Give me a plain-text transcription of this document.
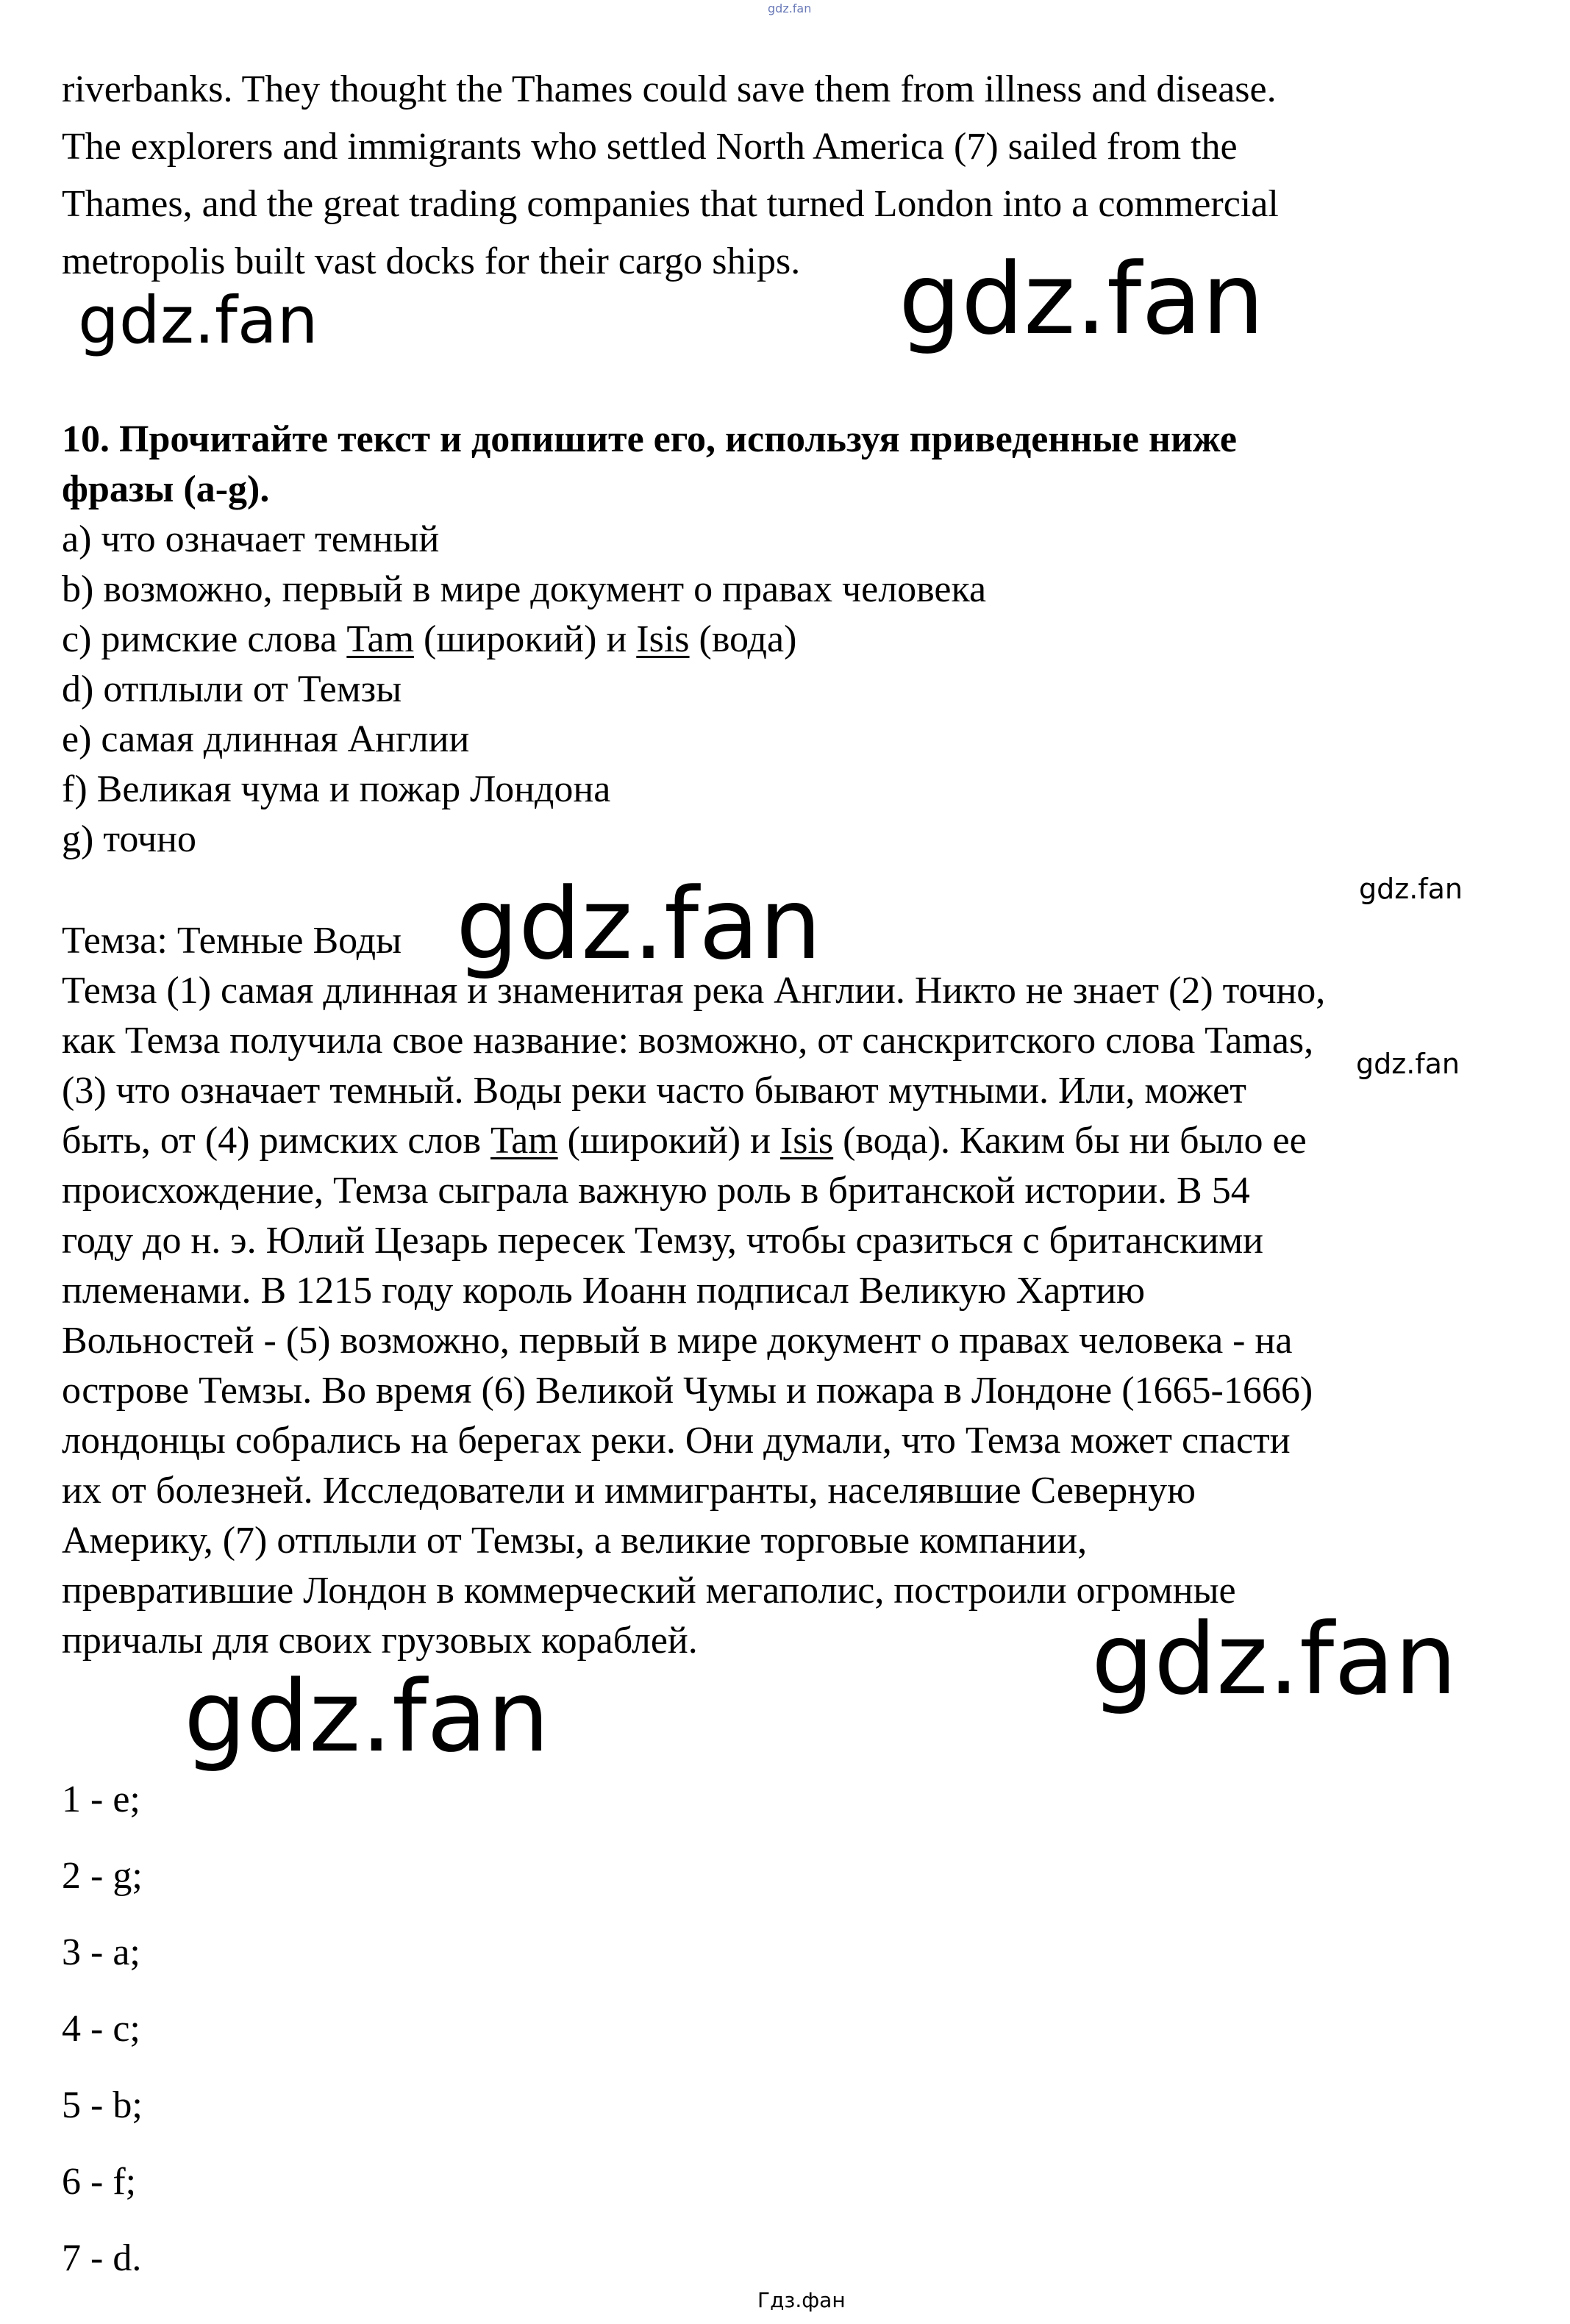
gdz.fan
riverbanks. They thought the Thames could save them from illness and disease.
The explorers and immigrants who settled North America (7) sailed from the
Thames, and the great trading companies that turned London into a commercial
metropolis built vast docks for their cargo ships.
gdz.fan	gdz.fan
10. Прочитайте текст и допишите его, используя приведенные ниже
фразы (a-g).
a) что означает темный
b) возможно, первый в мире документ о правах человека
c) римские слова Tam (широкий) и Isis (вода)
d) отплыли от Темзы
e) самая длинная Англии
f) Великая чума и пожар Лондона
g) точно
gdz.fan
Темза: Темные Воды gdz.fan
Темза (1) самая длинная и знаменитая река Англии. Никто не знает (2) точно,
как Темза получила свое название: возможно, от санскритского слова Tamas,
(3) что означает темный. Воды реки часто бывают мутными. Или, может
gdz.fan
быть, от (4) римских слов Tam (широкий) и Isis (вода). Каким бы ни было ее
происхождение, Темза сыграла важную роль в британской истории. В 54
году до н. э. Юлий Цезарь пересек Темзу, чтобы сразиться с британскими
племенами. В 1215 году король Иоанн подписал Великую Хартию
Вольностей - (5) возможно, первый в мире документ о правах человека - на
острове Темзы. Во время (6) Великой Чумы и пожара в Лондоне (1665-1666)
лондонцы собрались на берегах реки. Они думали, что Темза может спасти
их от болезней. Исследователи и иммигранты, населявшие Северную
Америку, (7) отплыли от Темзы, а великие торговые компании,
превратившие Лондон в коммерческий мегаполис, построили огромные
причалы для своих грузовых кораблей.	gdz.fan
gdz.fan
1 - e;
2 - g;
3 - a;
4 - c;
5 - b;
6 - f;
7 - d.
Гдз.фан
